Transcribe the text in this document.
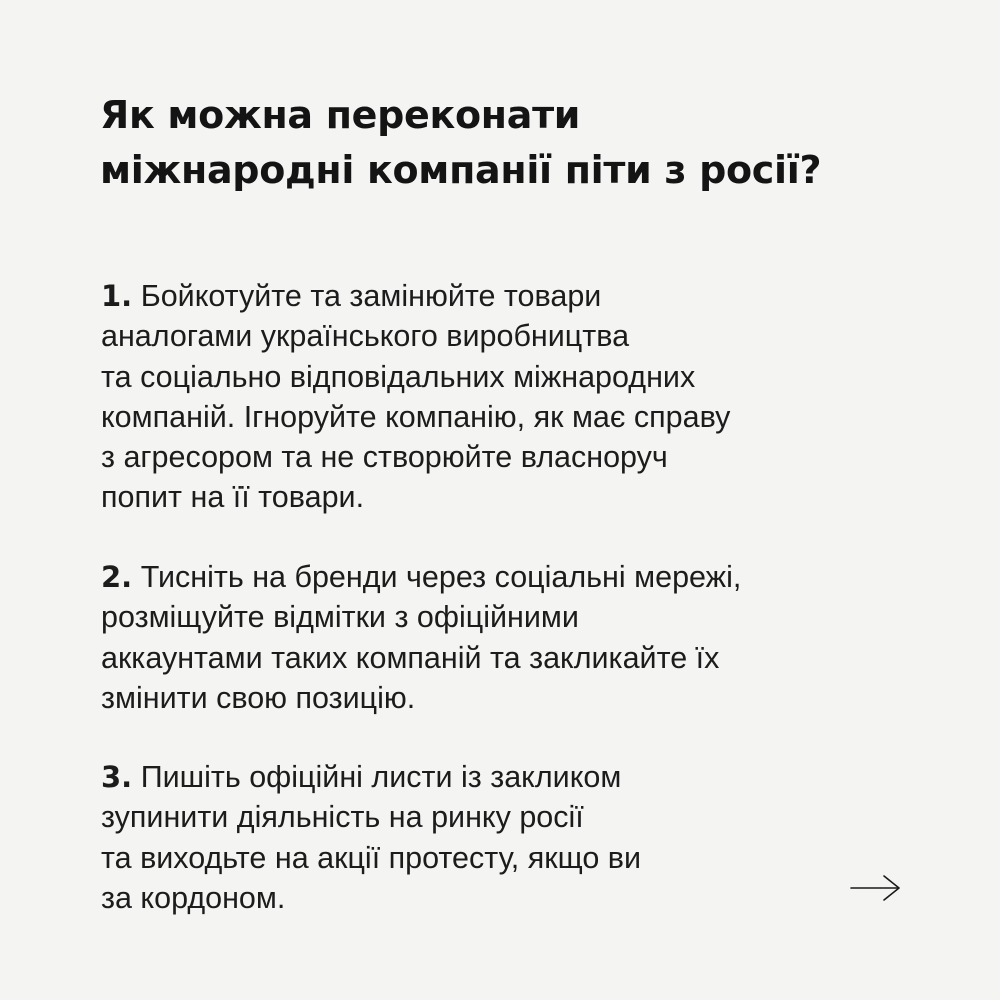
Як можна переконати
міжнародні компанії піти з росії?
1. Бойкотуйте та замінюйте товари
аналогами українського виробництва
та соціально відповідальних міжнародних
компаній. Ігноруйте компанію, як має справу
з агресором та не створюйте власноруч
попит на її товари.
2. Тисніть на бренди через соціальні мережі,
розміщуйте відмітки з офіційними
аккаунтами таких компаній та закликайте їх
змінити свою позицію.
3. Пишіть офіційні листи із закликом
зупинити діяльність на ринку росії
та виходьте на акції протесту, якщо ви
за кордоном.
